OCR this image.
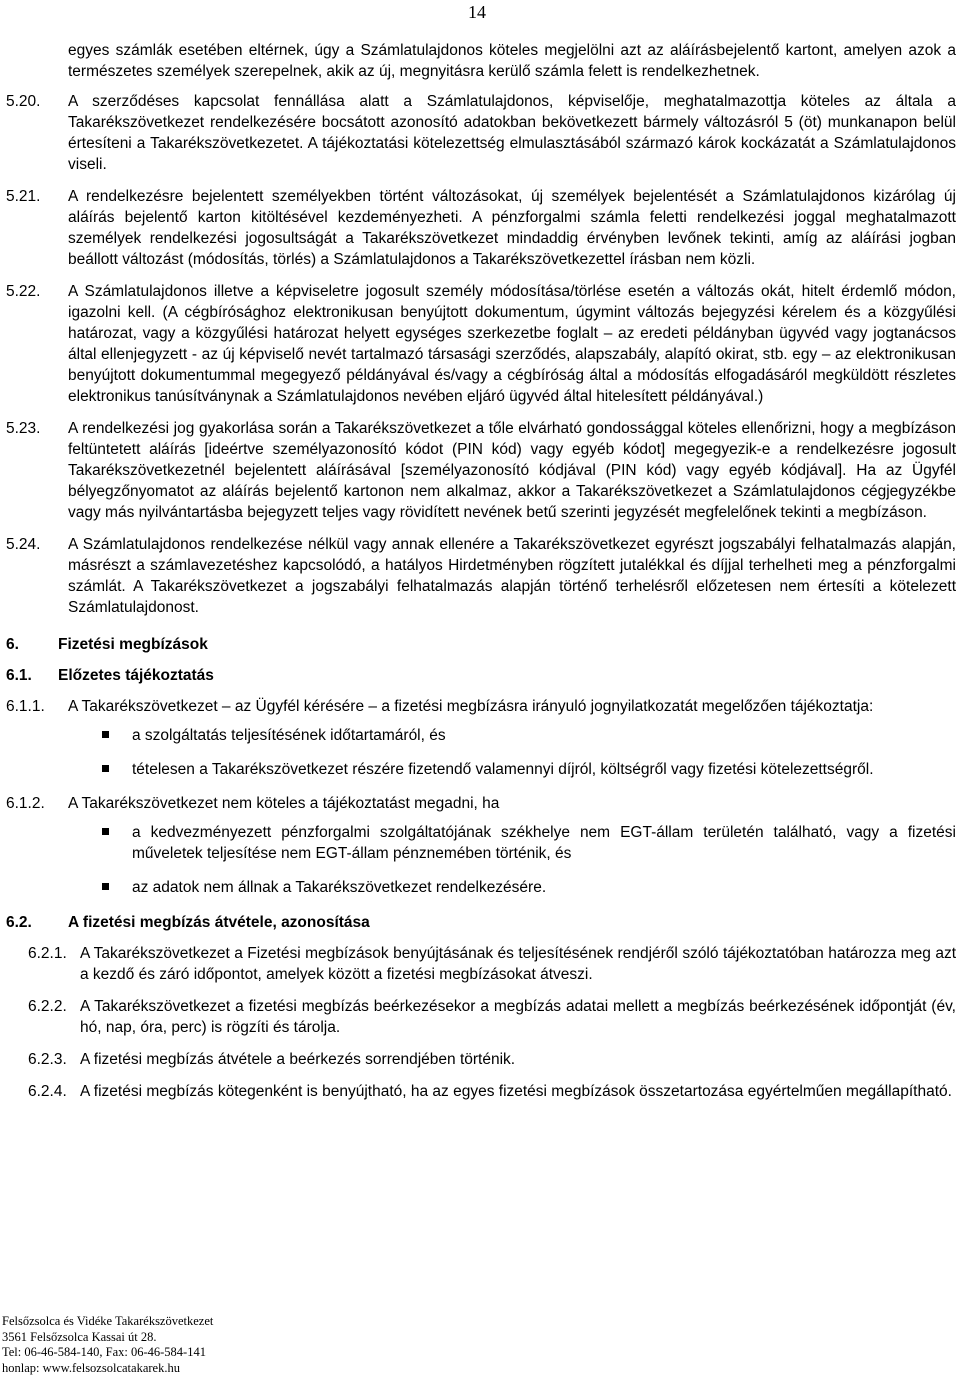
14

egyes számlák esetében eltérnek, úgy a Számlatulajdonos köteles megjelölni azt az aláírásbejelentő kartont, amelyen azok a természetes személyek szerepelnek, akik az új, megnyitásra kerülő számla felett is rendelkezhetnek.

5.20.	A szerződéses kapcsolat fennállása alatt a Számlatulajdonos, képviselője, meghatalmazottja köteles az általa a Takarékszövetkezet rendelkezésére bocsátott azonosító adatokban bekövetkezett bármely változásról 5 (öt) munkanapon belül értesíteni a Takarékszövetkezetet. A tájékoztatási kötelezettség elmulasztásából származó károk kockázatát a Számlatulajdonos viseli.

5.21.	A rendelkezésre bejelentett személyekben történt változásokat, új személyek bejelentését a Számlatulajdonos kizárólag új aláírás bejelentő karton kitöltésével kezdeményezheti. A pénzforgalmi számla feletti rendelkezési joggal meghatalmazott személyek rendelkezési jogosultságát a Takarékszövetkezet mindaddig érvényben levőnek tekinti, amíg az aláírási jogban beállott változást (módosítás, törlés) a Számlatulajdonos a Takarékszövetkezettel írásban nem közli.

5.22.	A Számlatulajdonos illetve a képviseletre jogosult személy módosítása/törlése esetén a változás okát, hitelt érdemlő módon, igazolni kell. (A cégbírósághoz elektronikusan benyújtott dokumentum, úgymint változás bejegyzési kérelem és a közgyűlési határozat, vagy a közgyűlési határozat helyett egységes szerkezetbe foglalt – az eredeti példányban ügyvéd vagy jogtanácsos által ellenjegyzett - az új képviselő nevét tartalmazó társasági szerződés, alapszabály, alapító okirat, stb. egy – az elektronikusan benyújtott dokumentummal megegyező példányával és/vagy a cégbíróság által a módosítás elfogadásáról megküldött részletes elektronikus tanúsítványnak a Számlatulajdonos nevében eljáró ügyvéd által hitelesített példányával.)

5.23.	A rendelkezési jog gyakorlása során a Takarékszövetkezet a tőle elvárható gondossággal köteles ellenőrizni, hogy a megbízáson feltüntetett aláírás [ideértve személyazonosító kódot (PIN kód) vagy egyéb kódot] megegyezik-e a rendelkezésre jogosult Takarékszövetkezetnél bejelentett aláírásával [személyazonosító kódjával (PIN kód) vagy egyéb kódjával]. Ha az Ügyfél bélyegzőnyomatot az aláírás bejelentő kartonon nem alkalmaz, akkor a Takarékszövetkezet a Számlatulajdonos cégjegyzékbe vagy más nyilvántartásba bejegyzett teljes vagy rövidített nevének betű szerinti jegyzését megfelelőnek tekinti a megbízáson.

5.24.	A Számlatulajdonos rendelkezése nélkül vagy annak ellenére a Takarékszövetkezet egyrészt jogszabályi felhatalmazás alapján, másrészt a számlavezetéshez kapcsolódó, a hatályos Hirdetményben rögzített jutalékkal és díjjal terhelheti meg a pénzforgalmi számlát. A Takarékszövetkezet a jogszabályi felhatalmazás alapján történő terhelésről előzetesen nem értesíti a kötelezett Számlatulajdonost.

6.	Fizetési megbízások
6.1.	Előzetes tájékoztatás
6.1.1.	A Takarékszövetkezet – az Ügyfél kérésére – a fizetési megbízásra irányuló jognyilatkozatát megelőzően tájékoztatja:

a szolgáltatás teljesítésének időtartamáról, és
tételesen a Takarékszövetkezet részére fizetendő valamennyi díjról, költségről vagy fizetési kötelezettségről.
6.1.2.	A Takarékszövetkezet nem köteles a tájékoztatást megadni, ha

a kedvezményezett pénzforgalmi szolgáltatójának székhelye nem EGT-állam területén található, vagy a fizetési műveletek teljesítése nem EGT-állam pénznemében történik, és
az adatok nem állnak a Takarékszövetkezet rendelkezésére.
6.2.	A fizetési megbízás átvétele, azonosítása
6.2.1. A Takarékszövetkezet a Fizetési megbízások benyújtásának és teljesítésének rendjéről szóló tájékoztatóban határozza meg azt a kezdő és záró időpontot, amelyek között a fizetési megbízásokat átveszi.

6.2.2. A Takarékszövetkezet a fizetési megbízás beérkezésekor a megbízás adatai mellett a megbízás beérkezésének időpontját (év, hó, nap, óra, perc) is rögzíti és tárolja.

6.2.3. A fizetési megbízás átvétele a beérkezés sorrendjében történik.

6.2.4. A fizetési megbízás kötegenként is benyújtható, ha az egyes fizetési megbízások összetartozása egyértelműen megállapítható.

Felsőzsolca és Vidéke Takarékszövetkezet
3561 Felsőzsolca Kassai út 28.
Tel: 06-46-584-140, Fax: 06-46-584-141
honlap: www.felsozsolcatakarek.hu
